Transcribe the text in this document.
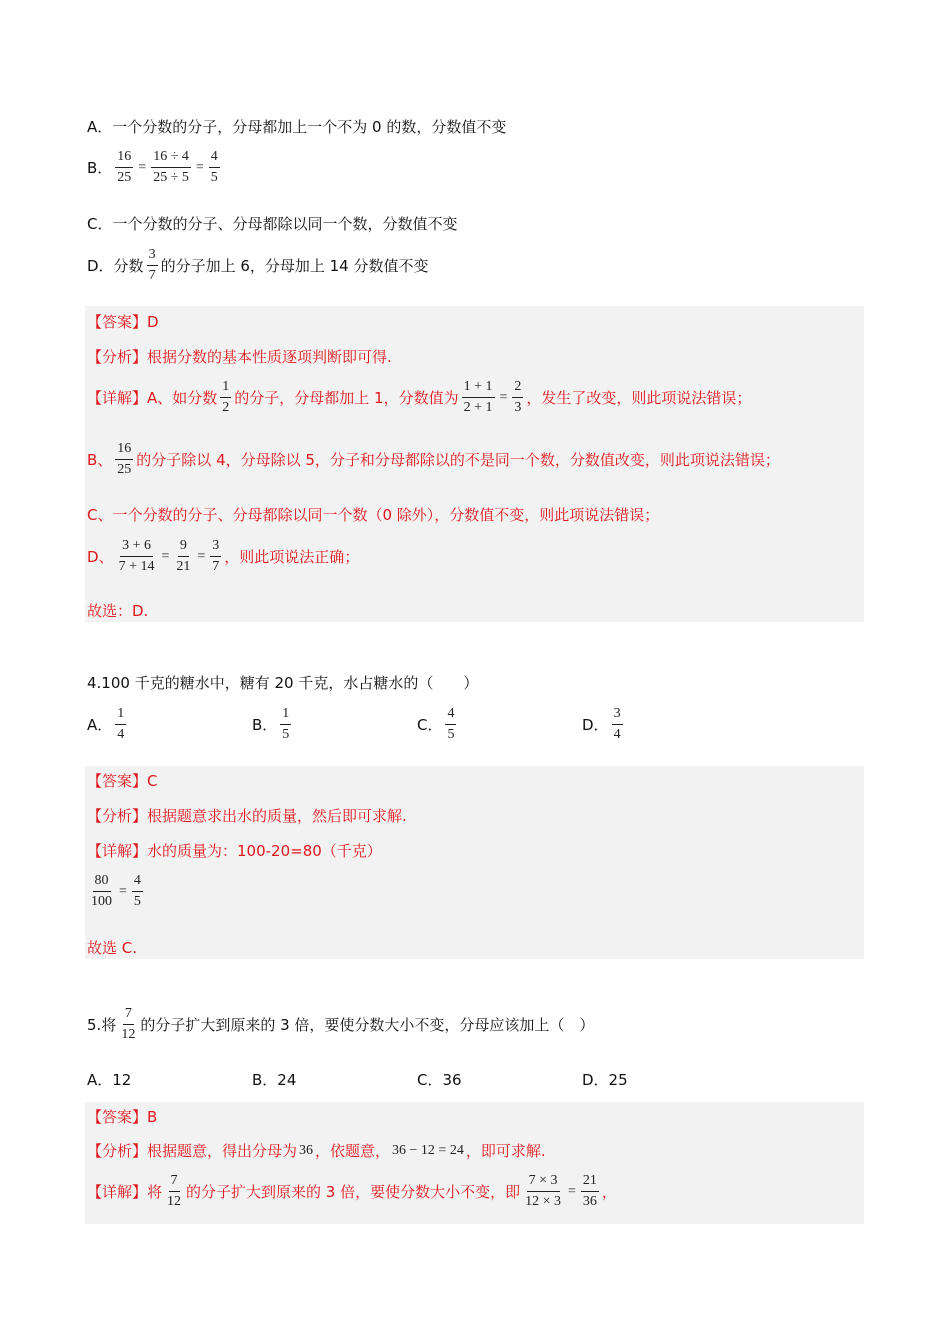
A．一个分数的分子，分母都加上一个不为 0 的数，分数值不变
B． $\frac{16}{25} = \frac{16 \div 4}{25 \div 5} = \frac{4}{5}$
C．一个分数的分子、分母都除以同一个数，分数值不变
D．分数 $\frac{3}{7}$ 的分子加上 6，分母加上 14 分数值不变
【答案】D
【分析】根据分数的基本性质逐项判断即可得.
【详解】A、如分数 $\frac{1}{2}$ 的分子，分母都加上 1，分数值为 $\frac{1 + 1}{2 + 1} = \frac{2}{3}$ ，发生了改变，则此项说法错误；
B、 $\frac{16}{25}$ 的分子除以 4，分母除以 5，分子和分母都除以的不是同一个数，分数值改变，则此项说法错误；
C、一个分数的分子、分母都除以同一个数（0 除外），分数值不变，则此项说法错误；
D、 $\frac{3 + 6}{7 + 14} = \frac{9}{21} = \frac{3}{7}$ ，则此项说法正确；
故选：D.
4.100 千克的糖水中，糖有 20 千克，水占糖水的（　　）
A． $\frac{1}{4}$	B． $\frac{1}{5}$	C． $\frac{4}{5}$	D． $\frac{3}{4}$
【答案】C
【分析】根据题意求出水的质量，然后即可求解.
【详解】水的质量为：100-20=80（千克）
$\frac{80}{100} = \frac{4}{5}$
故选 C.
5.将 $\frac{7}{12}$ 的分子扩大到原来的 3 倍，要使分数大小不变，分母应该加上（　）
A．12	B．24	C．36	D．25
【答案】B
【分析】根据题意，得出分母为 36 ，依题意， 36 − 12 = 24 ，即可求解.
【详解】将 $\frac{7}{12}$ 的分子扩大到原来的 3 倍，要使分数大小不变，即 $\frac{7 \times 3}{12 \times 3} = \frac{21}{36}$ ，
